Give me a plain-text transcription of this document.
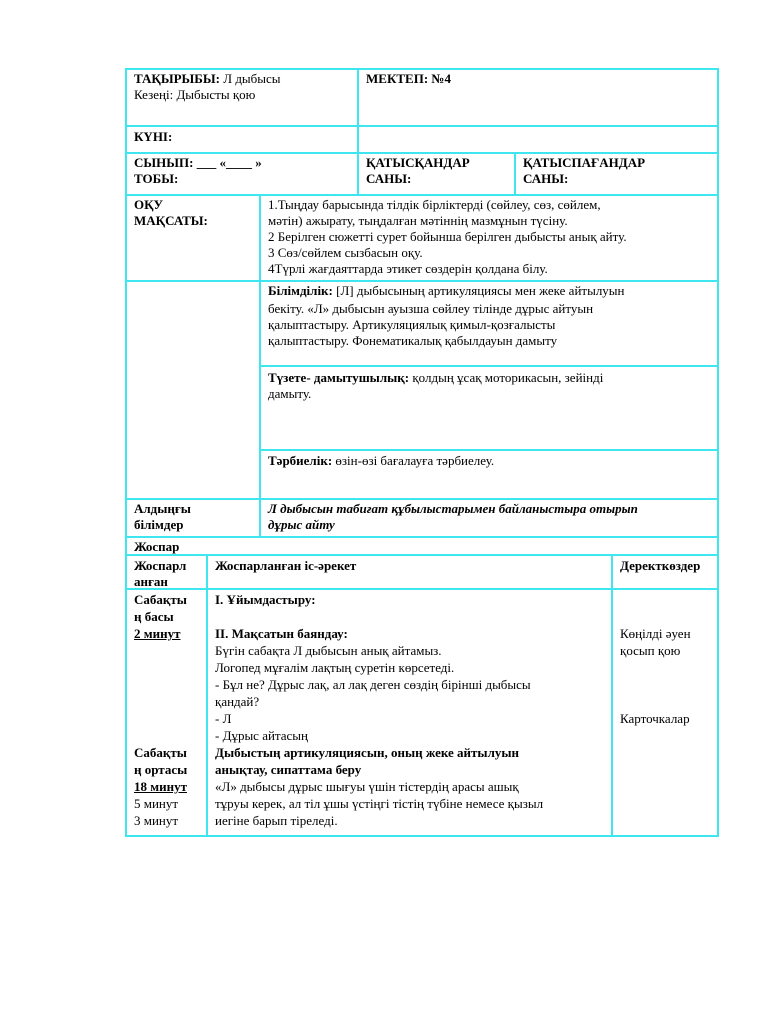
ТАҚЫРЫБЫ: Л дыбысы
Кезеңі: Дыбысты қою
МЕКТЕП: №4
КҮНІ:
СЫНЫП: ___ «____ »
ТОБЫ:
ҚАТЫСҚАНДАР
САНЫ:
ҚАТЫСПАҒАНДАР
САНЫ:
ОҚУ
МАҚСАТЫ:
1.Тыңдау барысында тілдік бірліктерді (сөйлеу, сөз, сөйлем,
мәтін) ажырату, тыңдалған мәтіннің мазмұнын түсіну.
2 Берілген сюжетті сурет бойынша берілген дыбысты анық айту.
3 Сөз/сөйлем сызбасын оқу.
4Түрлі жағдаяттарда этикет сөздерін қолдана білу.
Білімділік: [Л] дыбысының артикуляциясы мен жеке айтылуын
бекіту. «Л» дыбысын ауызша сөйлеу тілінде дұрыс айтуын
қалыптастыру. Артикуляциялық қимыл-қозғалысты
қалыптастыру. Фонематикалық қабылдауын дамыту
Түзете- дамытушылық: қолдың ұсақ моторикасын, зейінді
дамыту.
Тәрбиелік: өзін-өзі бағалауға тәрбиелеу.
Алдыңғы
білімдер
Л дыбысын табиғат құбылыстарымен байланыстыра отырып
дұрыс айту
Жоспар
Жоспарл
анған
Жоспарланған іс-әрекет	Деректкөздер
Сабақты
ң басы
2 минут
Сабақты
ң ортасы
18 минут
5 минут
3 минут
І. Ұйымдастыру:
ІІ. Мақсатын баяндау:
Бүгін сабақта Л дыбысын анық айтамыз.
Логопед мұғалім лақтың суретін көрсетеді.
- Бұл не? Дұрыс лақ, ал лақ деген сөздің бірінші дыбысы
қандай?
- Л
- Дұрыс айтасың
Дыбыстың артикуляциясын, оның жеке айтылуын
анықтау, сипаттама беру
«Л» дыбысы дұрыс шығуы үшін тістердің арасы ашық
тұруы керек, ал тіл ұшы үстіңгі тістің түбіне немесе қызыл
иегіне барып тіреледі.
Көңілді әуен
қосып қою
Карточкалар
